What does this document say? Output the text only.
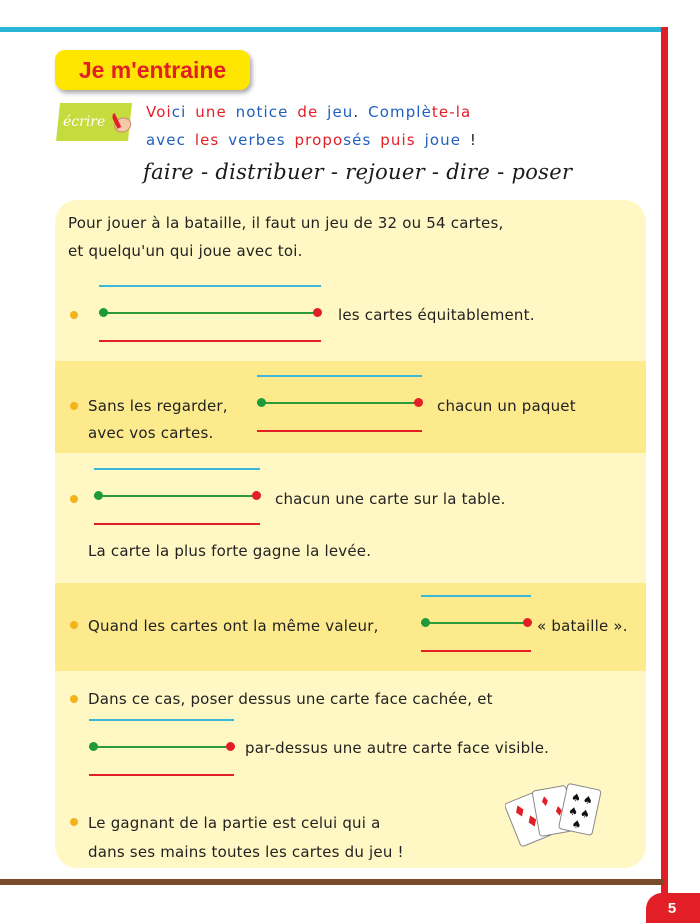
Je m'entraine
écrire
Voici une notice de jeu. Complète-la
avec les verbes proposés puis joue !
faire - distribuer - rejouer - dire - poser
Pour jouer à la bataille, il faut un jeu de 32 ou 54 cartes,
et quelqu'un qui joue avec toi.
les cartes équitablement.
Sans les regarder,	chacun un paquet
avec vos cartes.
chacun une carte sur la table.
La carte la plus forte gagne la levée.
Quand les cartes ont la même valeur,	« bataille ».
Dans ce cas, poser dessus une carte face cachée, et
par-dessus une autre carte face visible.
Le gagnant de la partie est celui qui a
dans ses mains toutes les cartes du jeu !
♠ ♠
♠ ♠
♠
5
